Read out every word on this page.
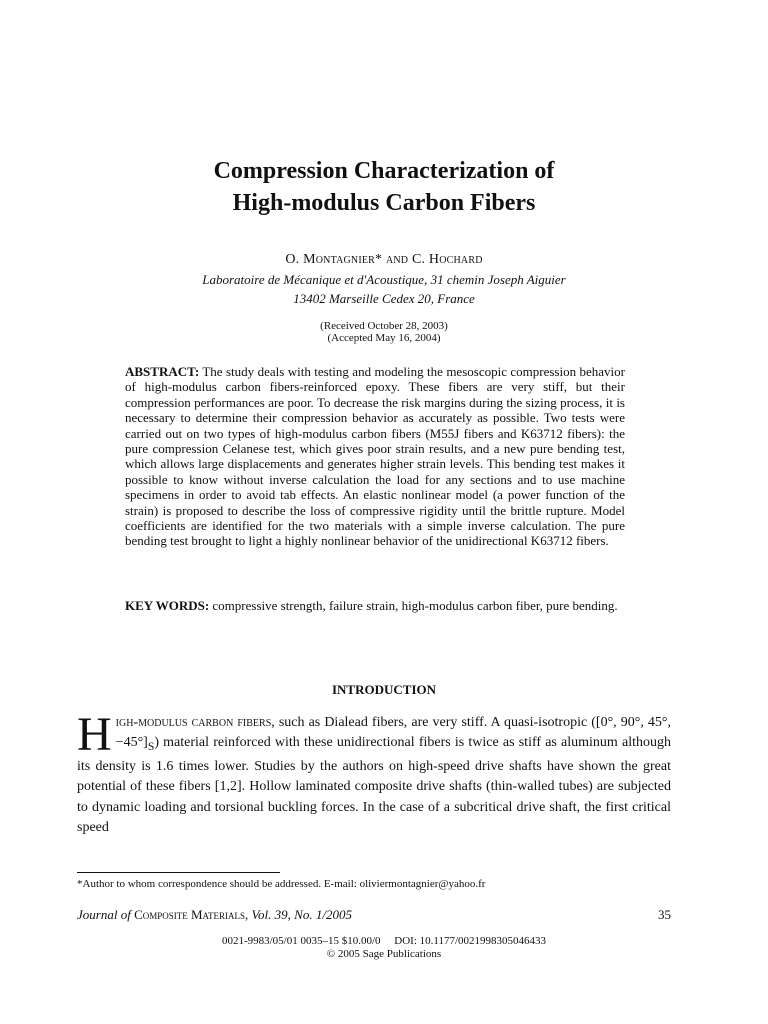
Compression Characterization of
High-modulus Carbon Fibers
O. Montagnier* and C. Hochard
Laboratoire de Mécanique et d'Acoustique, 31 chemin Joseph Aiguier
13402 Marseille Cedex 20, France
(Received October 28, 2003)
(Accepted May 16, 2004)
ABSTRACT: The study deals with testing and modeling the mesoscopic compression behavior of high-modulus carbon fibers-reinforced epoxy. These fibers are very stiff, but their compression performances are poor. To decrease the risk margins during the sizing process, it is necessary to determine their compression behavior as accurately as possible. Two tests were carried out on two types of high-modulus carbon fibers (M55J fibers and K63712 fibers): the pure compression Celanese test, which gives poor strain results, and a new pure bending test, which allows large displacements and generates higher strain levels. This bending test makes it possible to know without inverse calculation the load for any sections and to use machine specimens in order to avoid tab effects. An elastic nonlinear model (a power function of the strain) is proposed to describe the loss of compressive rigidity until the brittle rupture. Model coefficients are identified for the two materials with a simple inverse calculation. The pure bending test brought to light a highly nonlinear behavior of the unidirectional K63712 fibers.
KEY WORDS: compressive strength, failure strain, high-modulus carbon fiber, pure bending.
INTRODUCTION
High-modulus carbon fibers, such as Dialead fibers, are very stiff. A quasi-isotropic ([0°, 90°, 45°, $-45^\circ]_S$) material reinforced with these unidirectional fibers is twice as stiff as aluminum although its density is 1.6 times lower. Studies by the authors on high-speed drive shafts have shown the great potential of these fibers [1,2]. Hollow laminated composite drive shafts (thin-walled tubes) are subjected to dynamic loading and torsional buckling forces. In the case of a subcritical drive shaft, the first critical speed
*Author to whom correspondence should be addressed. E-mail: oliviermontagnier@yahoo.fr
Journal of Composite Materials, Vol. 39, No. 1/2005	35
0021-9983/05/01 0035–15 $10.00/0     DOI: 10.1177/0021998305046433
© 2005 Sage Publications
